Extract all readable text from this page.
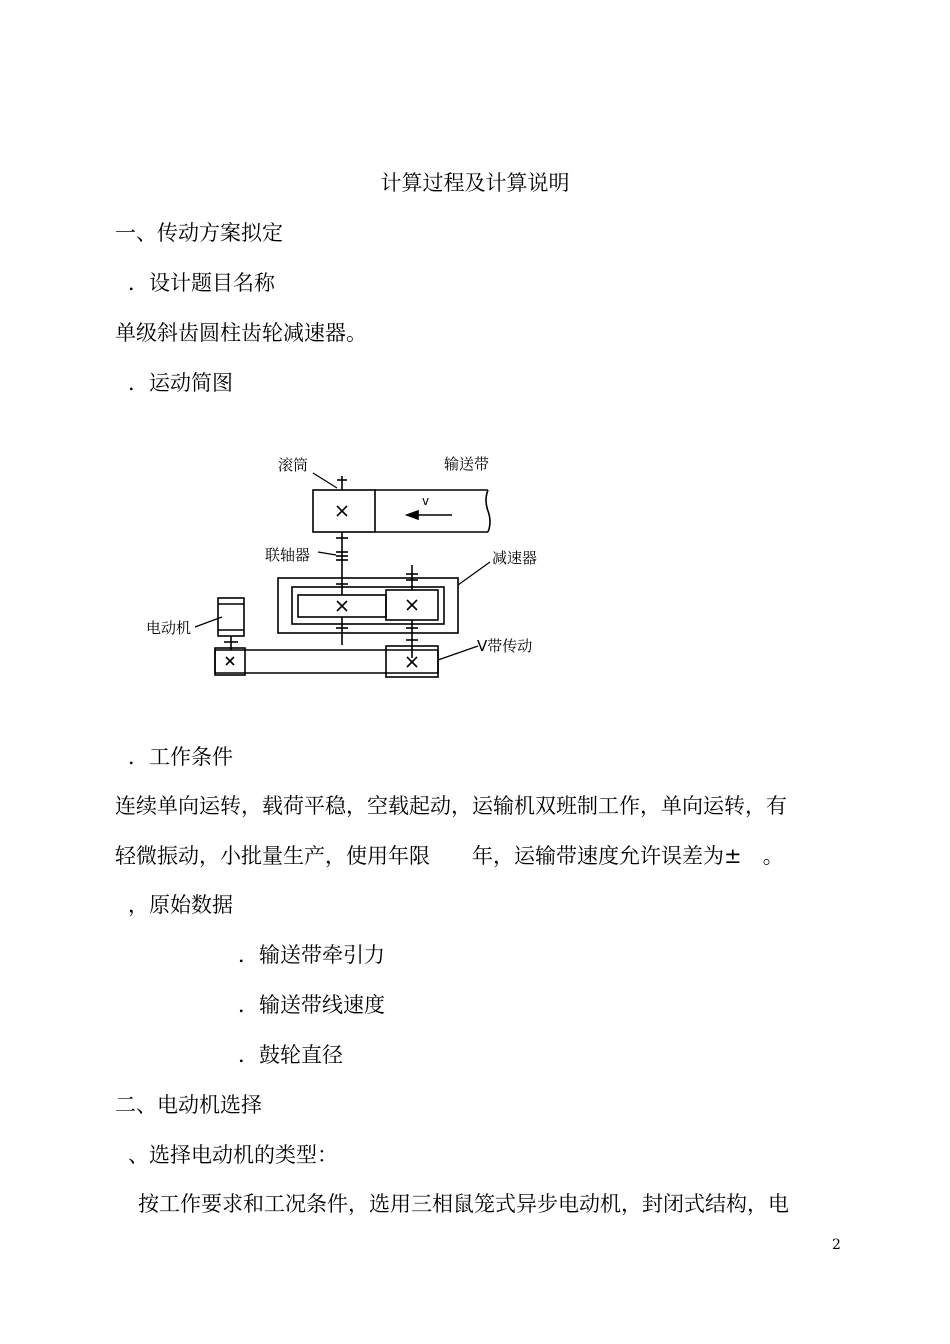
计算过程及计算说明
一、传动方案拟定
．设计题目名称
单级斜齿圆柱齿轮减速器。
．运动简图
滚筒	输送带
v
联轴器	减速器
电动机
V带传动
．工作条件
连续单向运转，载荷平稳，空载起动，运输机双班制工作，单向运转，有
轻微振动，小批量生产，使用年限　　年，运输带速度允许误差为±　。
，原始数据
．输送带牵引力
．输送带线速度
．鼓轮直径
二、电动机选择
、选择电动机的类型：
按工作要求和工况条件，选用三相鼠笼式异步电动机，封闭式结构，电
2
